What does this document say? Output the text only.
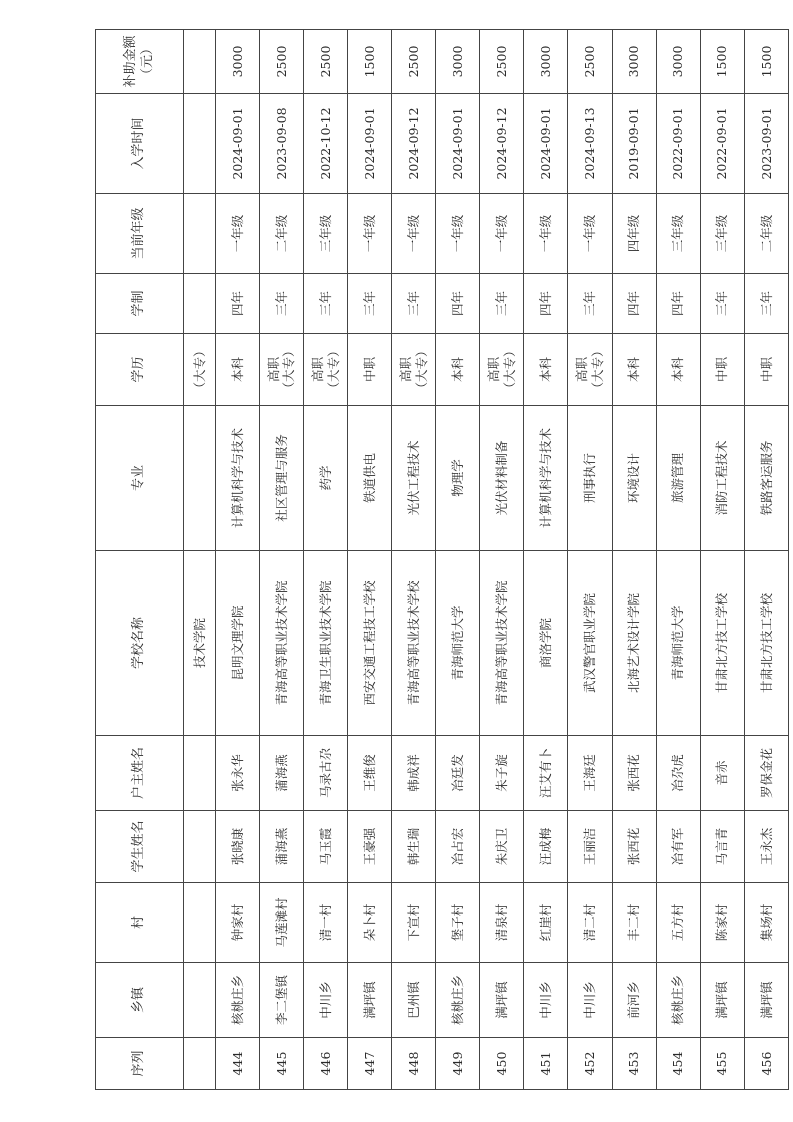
序列	乡镇	村	学生姓名	户主姓名	学校名称	专业	学历	学制	当前年级	入学时间	补助金额 （元）

					技术学院		（大专）				
444	核桃庄乡	钟家村	张晓康	张永华	昆明文理学院	计算机科学与技术	本科	四年	一年级	2024-09-01	3000
445	李二堡镇	马莲滩村	蒲海燕	蒲海燕	青海高等职业技术学院	社区管理与服务	高职 （大专）	三年	二年级	2023-09-08	2500
446	中川乡	清一村	马玉霞	马录古尕	青海卫生职业技术学院	药学	高职 （大专）	三年	三年级	2022-10-12	2500
447	满坪镇	朵卜村	王豪强	王维俊	西安交通工程技工学校	铁道供电	中职	三年	一年级	2024-09-01	1500
448	巴州镇	下宣村	韩生瑞	韩成祥	青海高等职业技术学校	光伏工程技术	高职 （大专）	三年	一年级	2024-09-12	2500
449	核桃庄乡	堡子村	冶占宏	冶廷发	青海师范大学	物理学	本科	四年	一年级	2024-09-01	3000
450	满坪镇	清泉村	朱庆卫	朱子旋	青海高等职业技术学院	光伏材料制备	高职 （大专）	三年	一年级	2024-09-12	2500
451	中川乡	红崖村	汪成梅	汪艾有卜	商洛学院	计算机科学与技术	本科	四年	一年级	2024-09-01	3000
452	中川乡	清二村	王丽洁	王海廷	武汉警官职业学院	刑事执行	高职 （大专）	三年	一年级	2024-09-13	2500
453	前河乡	丰二村	张西花	张西花	北海艺术设计学院	环境设计	本科	四年	四年级	2019-09-01	3000
454	核桃庄乡	五方村	冶有军	冶尕虎	青海师范大学	旅游管理	本科	四年	三年级	2022-09-01	3000
455	满坪镇	陈家村	马言青	音赤	甘肃北方技工学校	消防工程技术	中职	三年	三年级	2022-09-01	1500
456	满坪镇	集场村	王永杰	罗保金花	甘肃北方技工学校	铁路客运服务	中职	三年	二年级	2023-09-01	1500
